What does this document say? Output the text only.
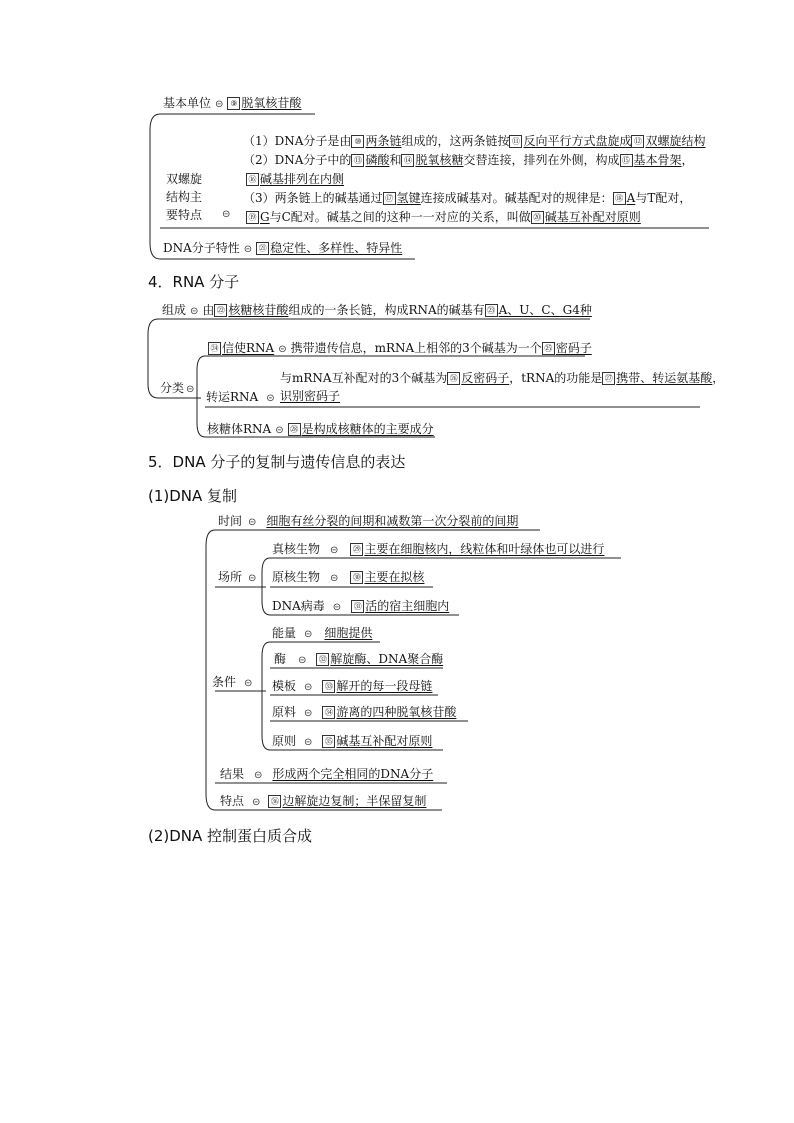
基本单位 ⊝ ⑨ 脱氧核苷酸
双螺旋
结构主
要特点 ⊝
（1）DNA分子是由 ⑩ 两条链组成的，这两条链按 ⑪ 反向平行方式盘旋成 ⑫ 双螺旋结构
（2）DNA分子中的 ⑬ 磷酸和 ⑭ 脱氧核糖交替连接，排列在外侧，构成 ⑮ 基本骨架，
⑯ 碱基排列在内侧
（3）两条链上的碱基通过 ⑰ 氢键连接成碱基对。碱基配对的规律是： ⑱ A与T配对，
⑲ G与C配对。碱基之间的这种一一对应的关系，叫做 ⑳ 碱基互补配对原则
DNA分子特性 ⊝ ㉑ 稳定性、多样性、特异性
4．RNA 分子
组成 ⊝ 由 ㉒ 核糖核苷酸组成的一条长链，构成RNA的碱基有 ㉓ A、U、C、G4种
分类 ⊝
㉔ 信使RNA ⊝ 携带遗传信息，mRNA上相邻的3个碱基为一个 ㉕ 密码子
转运RNA ⊝
与mRNA互补配对的3个碱基为 ㉖ 反密码子，tRNA的功能是 ㉗ 携带、转运氨基酸，
识别密码子
核糖体RNA ⊝ ㉘ 是构成核糖体的主要成分
5．DNA 分子的复制与遗传信息的表达
(1)DNA 复制
时间 ⊝ 细胞有丝分裂的间期和减数第一次分裂前的间期
场所 ⊝
真核生物 ⊝ ㉙ 主要在细胞核内，线粒体和叶绿体也可以进行
原核生物 ⊝ ㉚ 主要在拟核
DNA病毒 ⊝ ㉛ 活的宿主细胞内
条件 ⊝
能量 ⊝ 细胞提供
酶 ⊝ ㉜ 解旋酶、DNA聚合酶
模板 ⊝ ㉝ 解开的每一段母链
原料 ⊝ ㉞ 游离的四种脱氧核苷酸
原则 ⊝ ㉟ 碱基互补配对原则
结果 ⊝ 形成两个完全相同的DNA分子
特点 ⊝ ㊱ 边解旋边复制；半保留复制
(2)DNA 控制蛋白质合成
